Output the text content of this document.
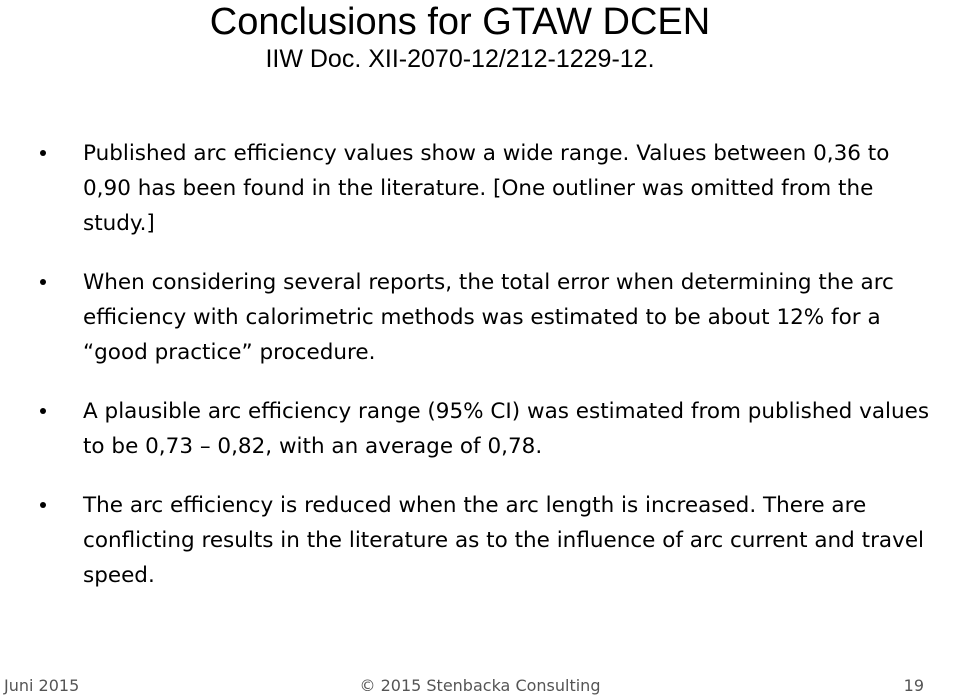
Conclusions for GTAW DCEN
IIW Doc. XII-2070-12/212-1229-12.
Published arc efficiency values show a wide range. Values between 0,36 to 0,90 has been found in the literature. [One outliner was omitted from the study.]
When considering several reports, the total error when determining the arc efficiency with calorimetric methods was estimated to be about 12% for a “good practice” procedure.
A plausible arc efficiency range (95% CI) was estimated from published values to be 0,73 – 0,82, with an average of 0,78.
The arc efficiency is reduced when the arc length is increased. There are conflicting results in the literature as to the influence of arc current and travel speed.
Juni 2015	© 2015 Stenbacka Consulting	19
